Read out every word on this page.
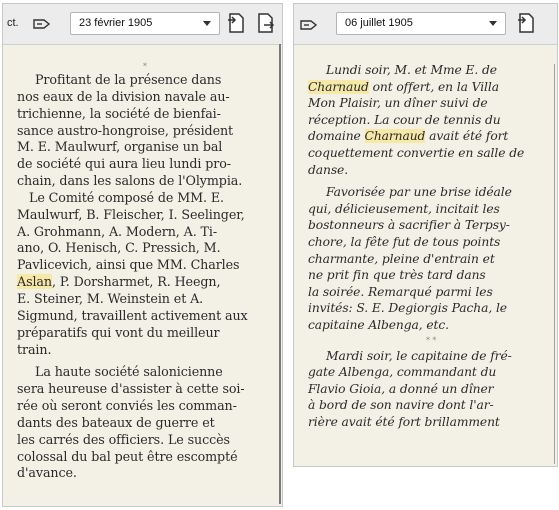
ct.	23 février 1905
*

Profitant de la présence dans
nos eaux de la division navale au-
trichienne, la société de bienfai-
sance austro-hongroise, président
M. E. Maulwurf, organise un bal
de société qui aura lieu lundi pro-
chain, dans les salons de l'Olympia.

Le Comité composé de MM. E.
Maulwurf, B. Fleischer, I. Seelinger,
A. Grohmann, A. Modern, A. Ti-
ano, O. Henisch, C. Pressich, M.
Pavlicevich, ainsi que MM. Charles
Aslan, P. Dorsharmet, R. Heegn,
E. Steiner, M. Weinstein et A.
Sigmund, travaillent activement aux
préparatifs qui vont du meilleur
train.

La haute société salonicienne
sera heureuse d'assister à cette soi-
rée où seront conviés les comman-
dants des bateaux de guerre et
les carrés des officiers. Le succès
colossal du bal peut être escompté
d'avance.

06 juillet 1905

Lundi soir, M. et Mme E. de
Charnaud ont offert, en la Villa
Mon Plaisir, un dîner suivi de
réception. La cour de tennis du
domaine Charnaud avait été fort
coquettement convertie en salle de
danse.

Favorisée par une brise idéale
qui, délicieusement, incitait les
bostonneurs à sacrifier à Terpsy-
chore, la fête fut de tous points
charmante, pleine d'entrain et
ne prit fin que très tard dans
la soirée. Remarqué parmi les
invités: S. E. Degiorgis Pacha, le
capitaine Albenga, etc.

* *

Mardi soir, le capitaine de fré-
gate Albenga, commandant du
Flavio Gioia, a donné un dîner
à bord de son navire dont l'ar-
rière avait été fort brillamment
